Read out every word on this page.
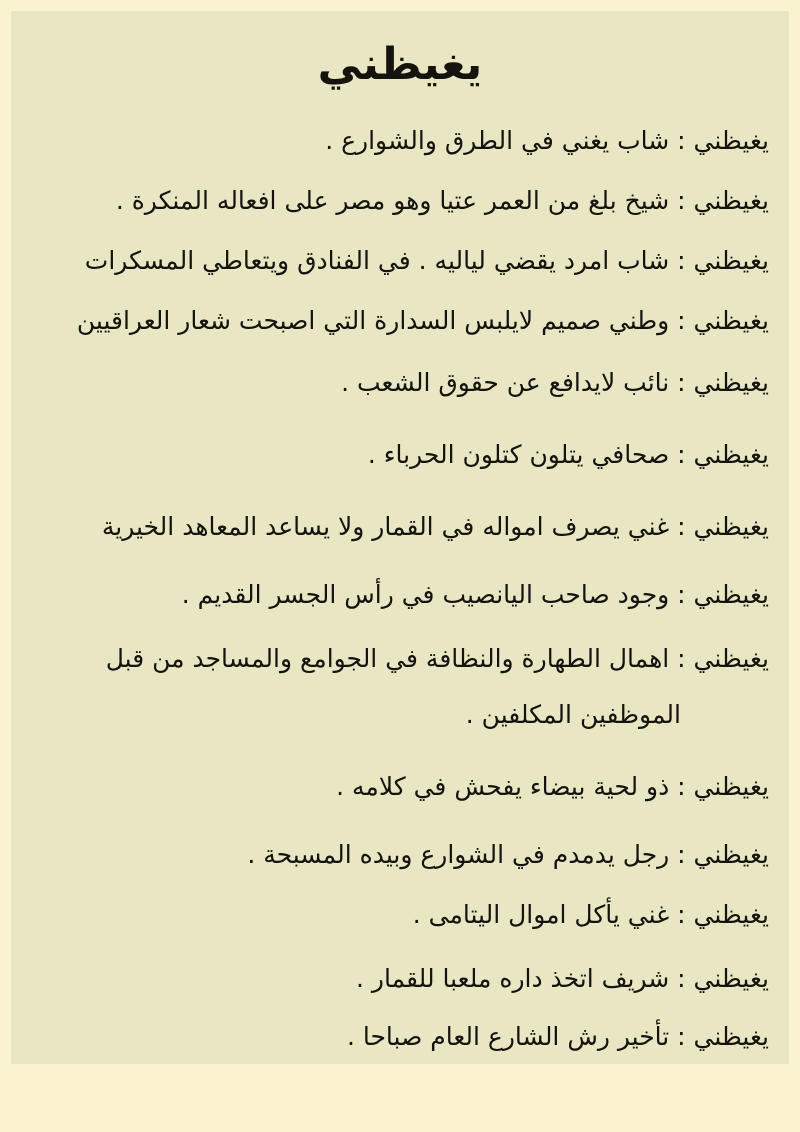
يغيظني
يغيظني : شاب يغني في الطرق والشوارع .
يغيظني : شيخ بلغ من العمر عتيا وهو مصر على افعاله المنكرة .
يغيظني : شاب امرد يقضي لياليه . في الفنادق ويتعاطي المسكرات
يغيظني : وطني صميم لايلبس السدارة التي اصبحت شعار العراقيين
يغيظني : نائب لايدافع عن حقوق الشعب .
يغيظني : صحافي يتلون كتلون الحرباء .
يغيظني : غني يصرف امواله في القمار ولا يساعد المعاهد الخيرية
يغيظني : وجود صاحب اليانصيب في رأس الجسر القديم .
يغيظني : اهمال الطهارة والنظافة في الجوامع والمساجد من قبل
الموظفين المكلفين .
يغيظني : ذو لحية بيضاء يفحش في كلامه .
يغيظني : رجل يدمدم في الشوارع وبيده المسبحة .
يغيظني : غني يأكل اموال اليتامى .
يغيظني : شريف اتخذ داره ملعبا للقمار .
يغيظني : تأخير رش الشارع العام صباحا .
